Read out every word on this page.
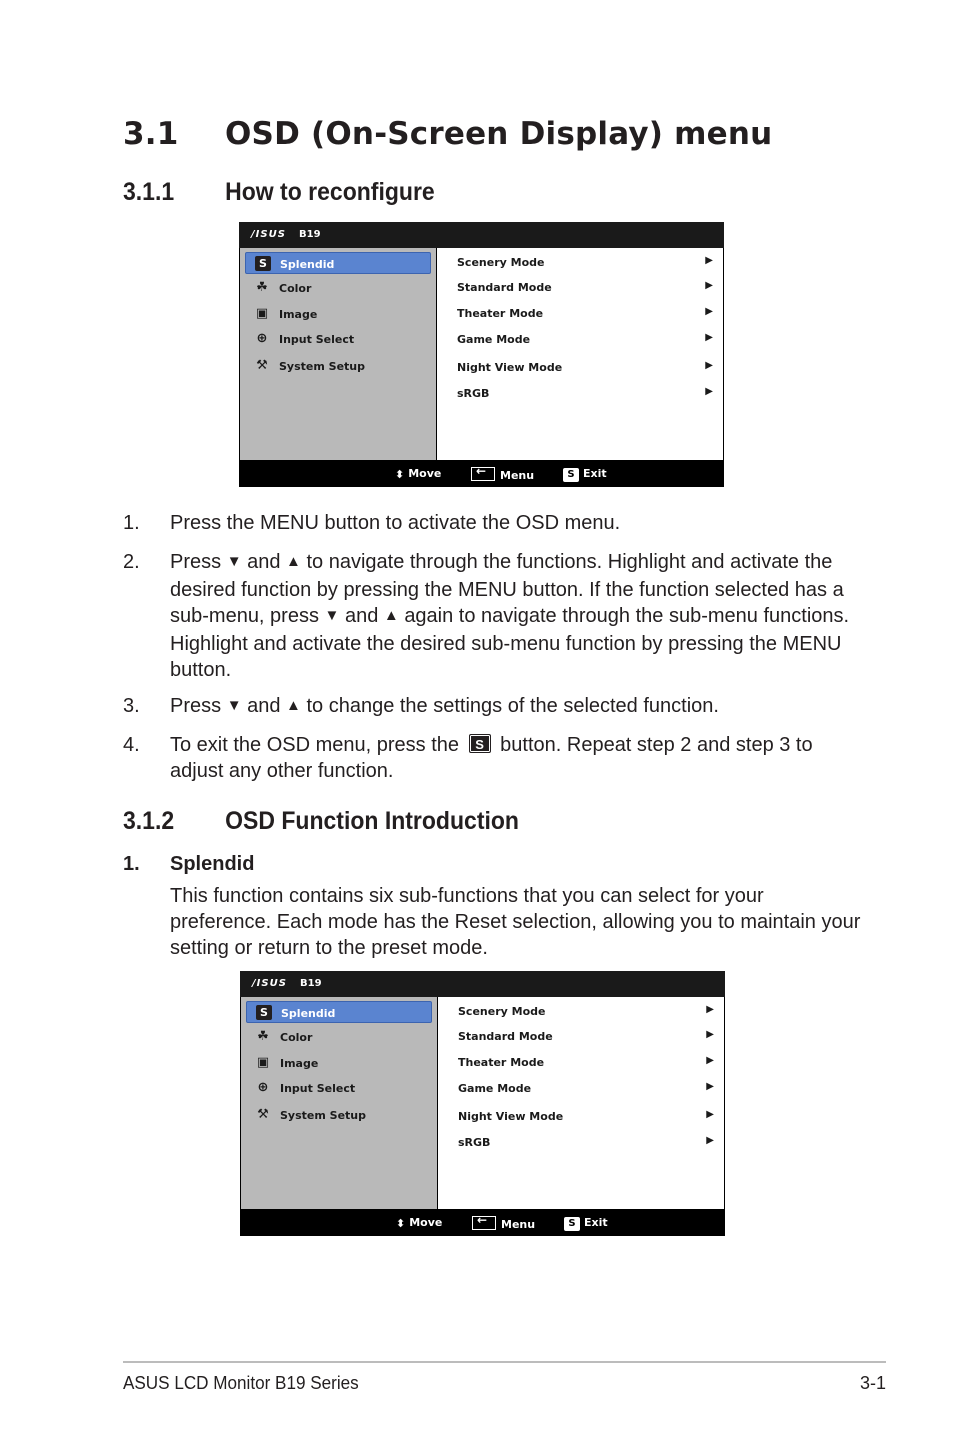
3.1 OSD (On-Screen Display) menu
3.1.1 How to reconfigure
/ISUS B19
S	Splendid
☘ Color
▣ Image
⊕ Input Select
⚒ System Setup
Scenery Mode	▶
Standard Mode	▶
Theater Mode	▶
Game Mode	▶
Night View Mode	▶
sRGB	▶
⬍ Move ←	Menu	S Exit
1. Press the MENU button to activate the OSD menu.
2. Press ▼ and ▲ to navigate through the functions. Highlight and activate the desired function by pressing the MENU button. If the function selected has a sub-menu, press ▼ and ▲ again to navigate through the sub-menu functions. Highlight and activate the desired sub-menu function by pressing the MENU button.
3. Press ▼ and ▲ to change the settings of the selected function.
4. To exit the OSD menu, press the S button. Repeat step 2 and step 3 to adjust any other function.
3.1.2 OSD Function Introduction
1. Splendid
This function contains six sub-functions that you can select for your preference. Each mode has the Reset selection, allowing you to maintain your setting or return to the preset mode.
/ISUS B19
S	Splendid
☘ Color
▣ Image
⊕ Input Select
⚒ System Setup
Scenery Mode	▶
Standard Mode	▶
Theater Mode	▶
Game Mode	▶
Night View Mode	▶
sRGB	▶
⬍ Move ←	Menu	S Exit
ASUS LCD Monitor B19 Series	3-1
